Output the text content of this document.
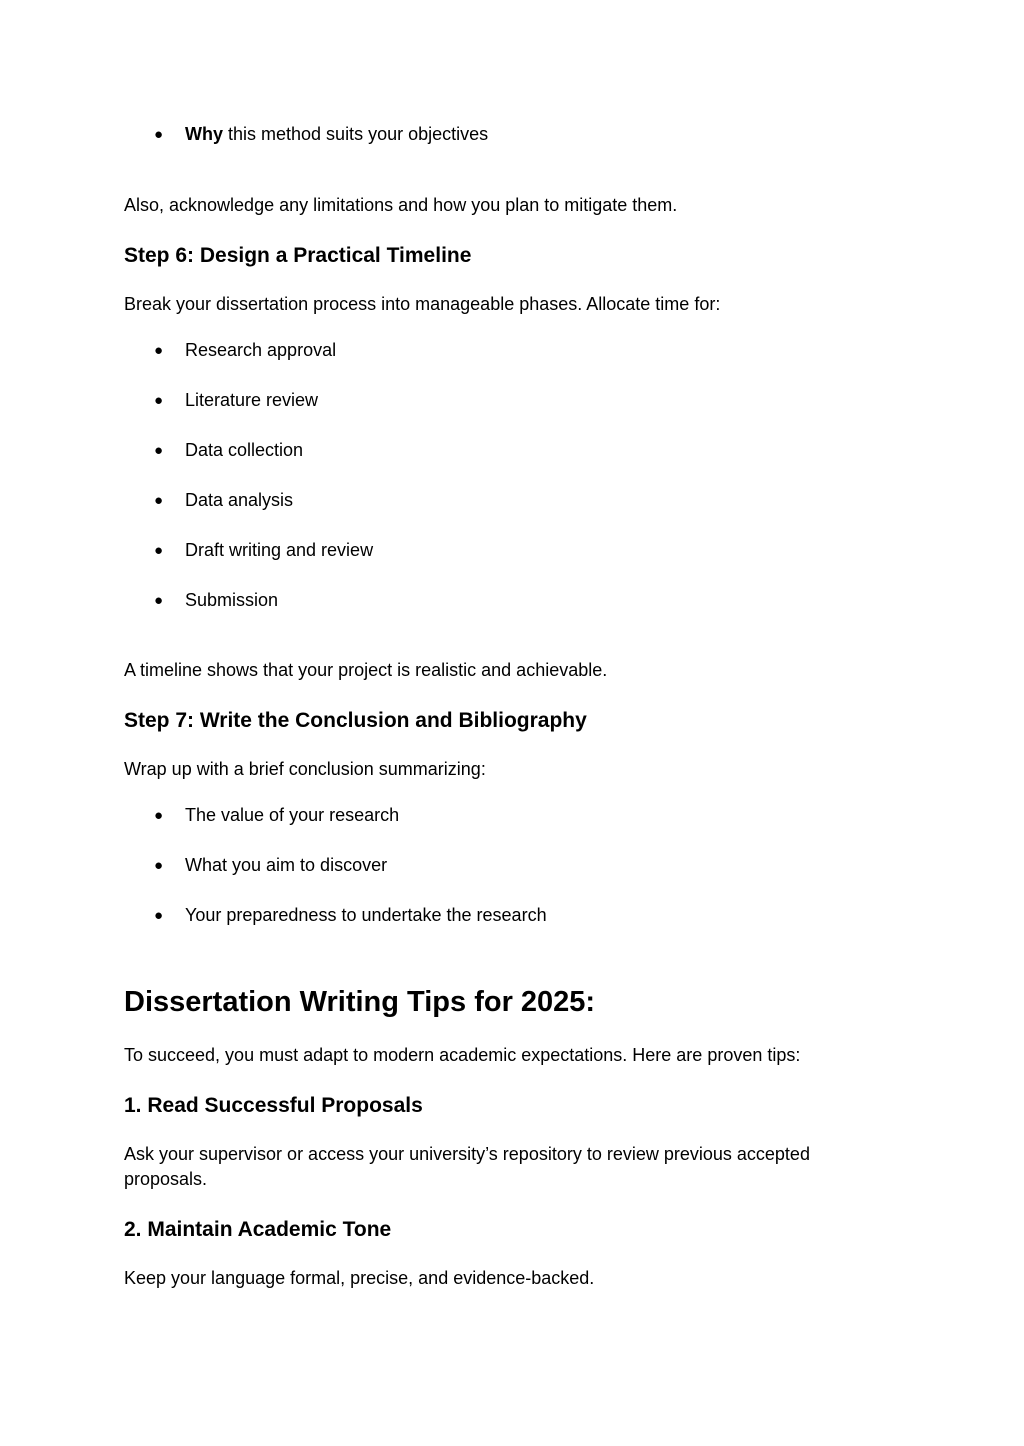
● Why this method suits your objectives
Also, acknowledge any limitations and how you plan to mitigate them.
Step 6: Design a Practical Timeline
Break your dissertation process into manageable phases. Allocate time for:
● Research approval
● Literature review
● Data collection
● Data analysis
● Draft writing and review
● Submission
A timeline shows that your project is realistic and achievable.
Step 7: Write the Conclusion and Bibliography
Wrap up with a brief conclusion summarizing:
● The value of your research
● What you aim to discover
● Your preparedness to undertake the research
Dissertation Writing Tips for 2025:
To succeed, you must adapt to modern academic expectations. Here are proven tips:
1. Read Successful Proposals
Ask your supervisor or access your university’s repository to review previous accepted proposals.
2. Maintain Academic Tone
Keep your language formal, precise, and evidence-backed.
